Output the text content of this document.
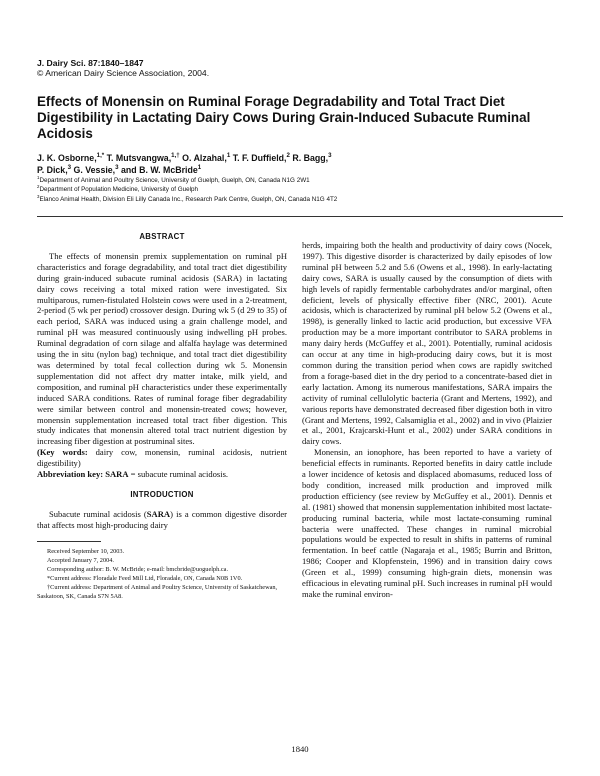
J. Dairy Sci. 87:1840–1847
© American Dairy Science Association, 2004.
Effects of Monensin on Ruminal Forage Degradability and Total Tract Diet Digestibility in Lactating Dairy Cows During Grain-Induced Subacute Ruminal Acidosis
J. K. Osborne,$^{1,*}$ T. Mutsvangwa,$^{1,\dagger}$ O. Alzahal,$^1$ T. F. Duffield,$^2$ R. Bagg,$^3$
P. Dick,$^3$ G. Vessie,$^3$ and B. W. McBride$^1$
$^1$Department of Animal and Poultry Science, University of Guelph, Guelph, ON, Canada N1G 2W1
$^2$Department of Population Medicine, University of Guelph
$^3$Elanco Animal Health, Division Eli Lilly Canada Inc., Research Park Centre, Guelph, ON, Canada N1G 4T2
ABSTRACT

The effects of monensin premix supplementation on ruminal pH characteristics and forage degradability, and total tract diet digestibility during grain-induced subacute ruminal acidosis (SARA) in lactating dairy cows receiving a total mixed ration were investigated. Six multiparous, rumen-fistulated Holstein cows were used in a 2-treatment, 2-period (5 wk per period) crossover design. During wk 5 (d 29 to 35) of each period, SARA was induced using a grain challenge model, and ruminal pH was measured continuously using indwelling pH probes. Ruminal degradation of corn silage and alfalfa haylage was determined using the in situ (nylon bag) technique, and total tract diet digestibility was determined by total fecal collection during wk 5. Monensin supplementation did not affect dry matter intake, milk yield, and composition, and ruminal pH characteristics under these experimentally induced SARA conditions. Rates of ruminal forage fiber degradability were similar between control and monensin-treated cows; however, monensin supplementation increased total tract fiber digestion. This study indicates that monensin altered total tract nutrient digestion by increasing fiber digestion at postruminal sites.

(Key words: dairy cow, monensin, ruminal acidosis, nutrient digestibility)

Abbreviation key: SARA = subacute ruminal acidosis.

INTRODUCTION

Subacute ruminal acidosis (SARA) is a common digestive disorder that affects most high-producing dairy

Received September 10, 2003.
Accepted January 7, 2004.
Corresponding author: B. W. McBride; e-mail: bmcbride@uoguelph.ca.
*Current address: Floradale Feed Mill Ltd, Floradale, ON, Canada N0B 1V0.
†Current address: Department of Animal and Poultry Science, University of Saskatchewan, Saskatoon, SK, Canada S7N 5A8.

herds, impairing both the health and productivity of dairy cows (Nocek, 1997). This digestive disorder is characterized by daily episodes of low ruminal pH between 5.2 and 5.6 (Owens et al., 1998). In early-lactating dairy cows, SARA is usually caused by the consumption of diets with high levels of rapidly fermentable carbohydrates and/or marginal, often deficient, levels of physically effective fiber (NRC, 2001). Acute acidosis, which is characterized by ruminal pH below 5.2 (Owens et al., 1998), is generally linked to lactic acid production, but excessive VFA production may be a more important contributor to SARA problems in many dairy herds (McGuffey et al., 2001). Potentially, ruminal acidosis can occur at any time in high-producing dairy cows, but it is most common during the transition period when cows are rapidly switched from a forage-based diet in the dry period to a concentrate-based diet in early lactation. Among its numerous manifestations, SARA impairs the activity of ruminal cellulolytic bacteria (Grant and Mertens, 1992), and various reports have demonstrated decreased fiber digestion both in vitro (Grant and Mertens, 1992, Calsamiglia et al., 2002) and in vivo (Plaizier et al., 2001, Krajcarski-Hunt et al., 2002) under SARA conditions in dairy cows.

Monensin, an ionophore, has been reported to have a variety of beneficial effects in ruminants. Reported benefits in dairy cattle include a lower incidence of ketosis and displaced abomasums, reduced loss of body condition, increased milk production and improved milk production efficiency (see review by McGuffey et al., 2001). Dennis et al. (1981) showed that monensin supplementation inhibited most lactate-producing ruminal bacteria, while most lactate-consuming ruminal bacteria were unaffected. These changes in ruminal microbial populations would be expected to result in shifts in patterns of ruminal fermentation. In beef cattle (Nagaraja et al., 1985; Burrin and Britton, 1986; Cooper and Klopfenstein, 1996) and in transition dairy cows (Green et al., 1999) consuming high-grain diets, monensin was efficacious in elevating ruminal pH. Such increases in ruminal pH would make the ruminal environ-

1840
